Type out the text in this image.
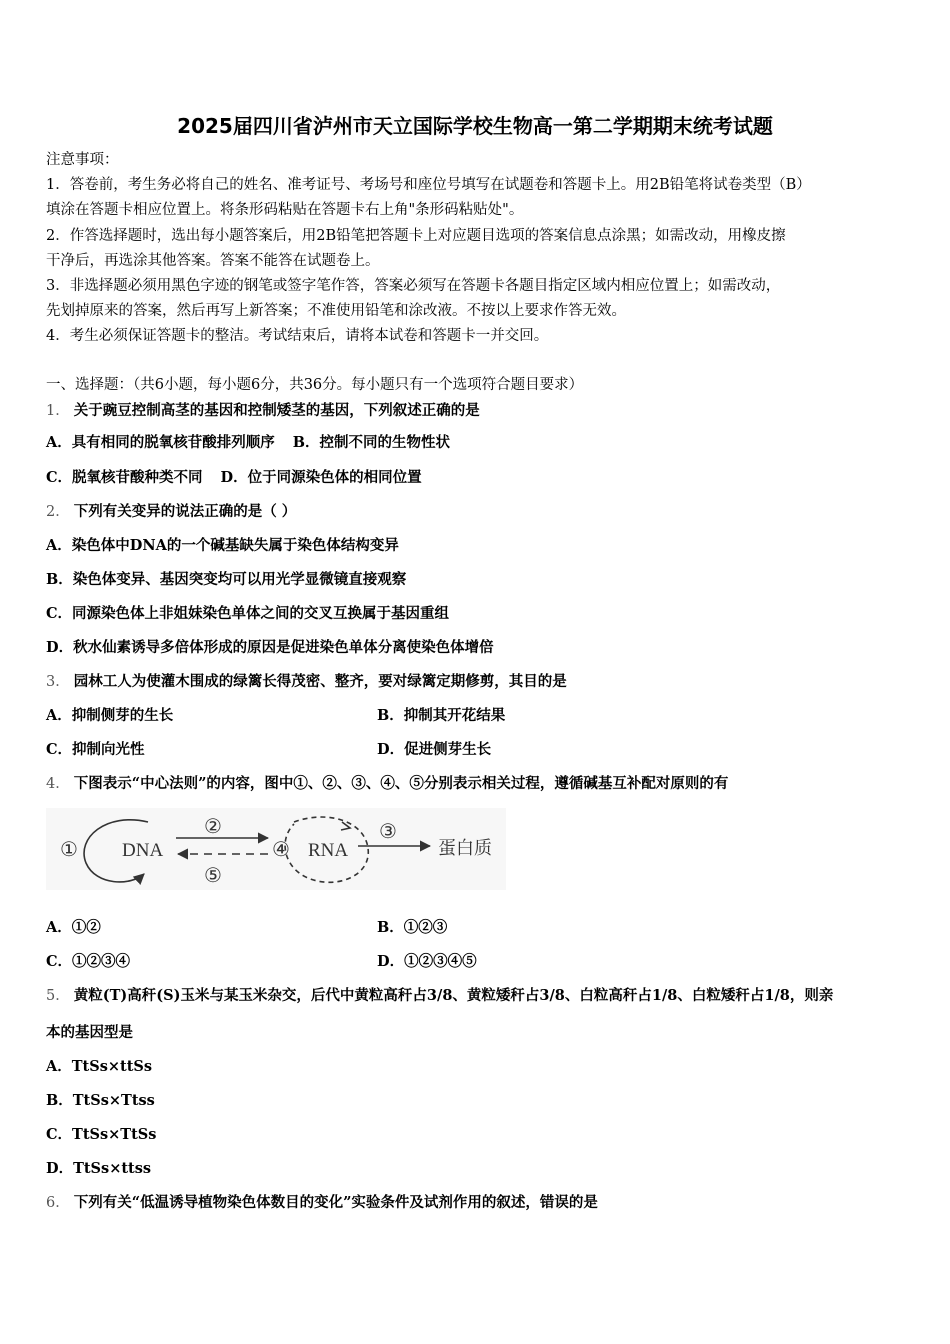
2025届四川省泸州市天立国际学校生物高一第二学期期末统考试题
注意事项：
1．答卷前，考生务必将自己的姓名、准考证号、考场号和座位号填写在试题卷和答题卡上。用2B铅笔将试卷类型（B）
填涂在答题卡相应位置上。将条形码粘贴在答题卡右上角"条形码粘贴处"。
2．作答选择题时，选出每小题答案后，用2B铅笔把答题卡上对应题目选项的答案信息点涂黑；如需改动，用橡皮擦
干净后，再选涂其他答案。答案不能答在试题卷上。
3．非选择题必须用黑色字迹的钢笔或签字笔作答，答案必须写在答题卡各题目指定区域内相应位置上；如需改动，
先划掉原来的答案，然后再写上新答案；不准使用铅笔和涂改液。不按以上要求作答无效。
4．考生必须保证答题卡的整洁。考试结束后，请将本试卷和答题卡一并交回。
一、选择题：（共6小题，每小题6分，共36分。每小题只有一个选项符合题目要求）
1． 关于豌豆控制高茎的基因和控制矮茎的基因，下列叙述正确的是
A．具有相同的脱氧核苷酸排列顺序 B．控制不同的生物性状
C．脱氧核苷酸种类不同 D．位于同源染色体的相同位置
2． 下列有关变异的说法正确的是（ ）
A．染色体中DNA的一个碱基缺失属于染色体结构变异
B．染色体变异、基因突变均可以用光学显微镜直接观察
C．同源染色体上非姐妹染色单体之间的交叉互换属于基因重组
D．秋水仙素诱导多倍体形成的原因是促进染色单体分离使染色体增倍
3． 园林工人为使灌木围成的绿篱长得茂密、整齐，要对绿篱定期修剪，其目的是
A．抑制侧芽的生长	B．抑制其开花结果
C．抑制向光性	D．促进侧芽生长
4． 下图表示“中心法则”的内容，图中①、②、③、④、⑤分别表示相关过程，遵循碱基互补配对原则的有
① DNA
②
⑤
④ RNA
③
蛋白质
A．①②	B．①②③
C．①②③④	D．①②③④⑤
5． 黄粒(T)高秆(S)玉米与某玉米杂交，后代中黄粒高秆占3/8、黄粒矮秆占3/8、白粒高秆占1/8、白粒矮秆占1/8，则亲
本的基因型是
A．TtSs×ttSs
B．TtSs×Ttss
C．TtSs×TtSs
D．TtSs×ttss
6． 下列有关“低温诱导植物染色体数目的变化”实验条件及试剂作用的叙述，错误的是
